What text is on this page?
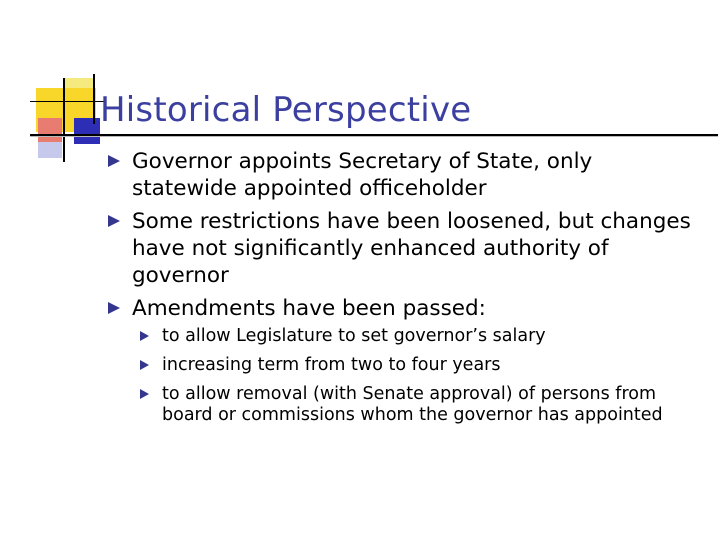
Historical Perspective
Governor appoints Secretary of State, only statewide appointed officeholder
Some restrictions have been loosened, but changes have not significantly enhanced authority of governor
Amendments have been passed:
to allow Legislature to set governor’s salary
increasing term from two to four years
to allow removal (with Senate approval) of persons from board or commissions whom the governor has appointed
